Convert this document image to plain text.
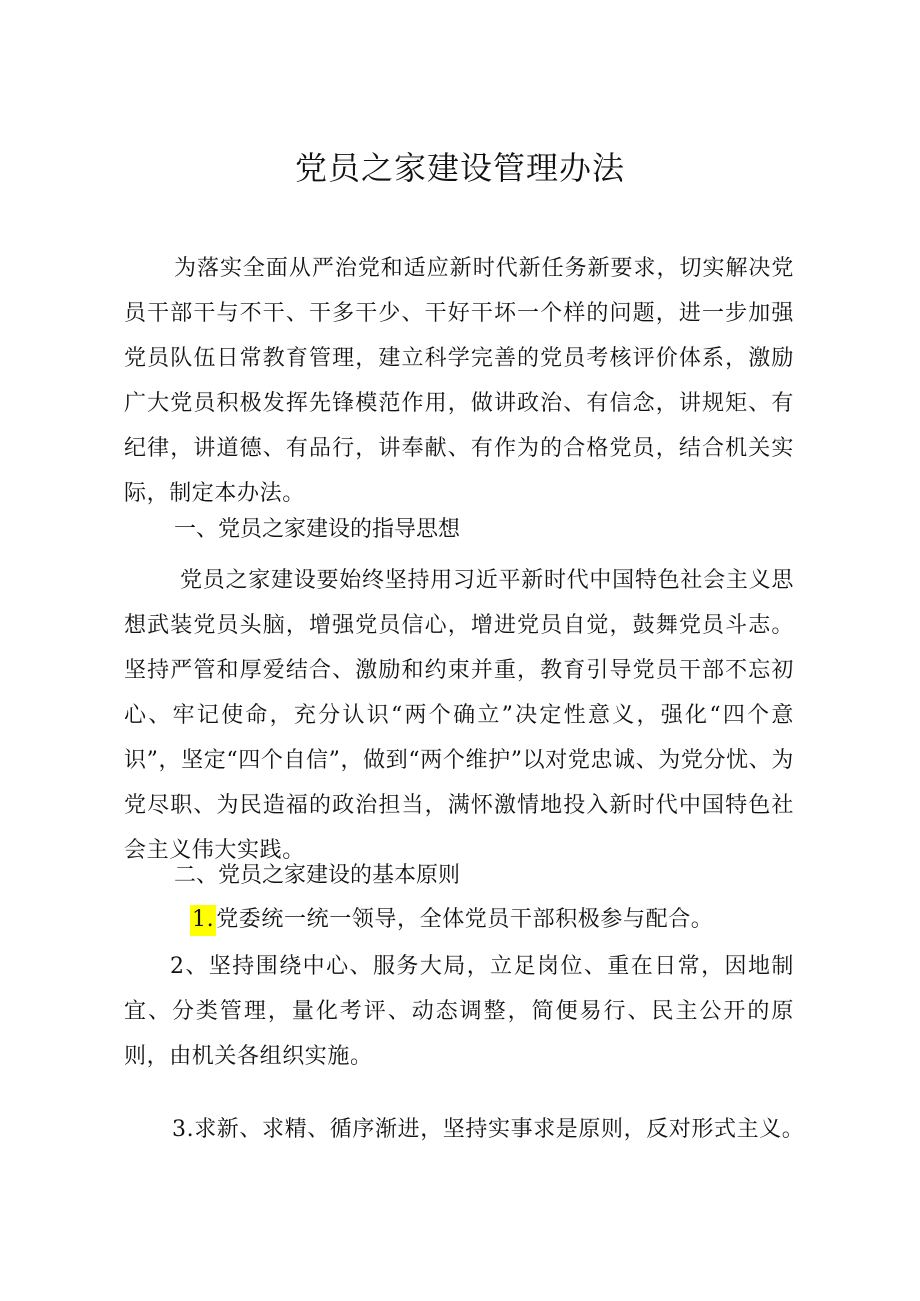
党员之家建设管理办法

为落实全面从严治党和适应新时代新任务新要求，切实解决党员干部干与不干、干多干少、干好干坏一个样的问题，进一步加强党员队伍日常教育管理，建立科学完善的党员考核评价体系，激励广大党员积极发挥先锋模范作用，做讲政治、有信念，讲规矩、有纪律，讲道德、有品行，讲奉献、有作为的合格党员，结合机关实际，制定本办法。

一、党员之家建设的指导思想

党员之家建设要始终坚持用习近平新时代中国特色社会主义思想武装党员头脑，增强党员信心，增进党员自觉，鼓舞党员斗志。坚持严管和厚爱结合、激励和约束并重，教育引导党员干部不忘初心、牢记使命，充分认识“两个确立”决定性意义，强化“四个意识”，坚定“四个自信”，做到“两个维护”以对党忠诚、为党分忧、为党尽职、为民造福的政治担当，满怀激情地投入新时代中国特色社会主义伟大实践。

二、党员之家建设的基本原则

1.党委统一统一领导，全体党员干部积极参与配合。

2、坚持围绕中心、服务大局，立足岗位、重在日常，因地制宜、分类管理，量化考评、动态调整，简便易行、民主公开的原则，由机关各组织实施。

3.求新、求精、循序渐进，坚持实事求是原则，反对形式主义。
